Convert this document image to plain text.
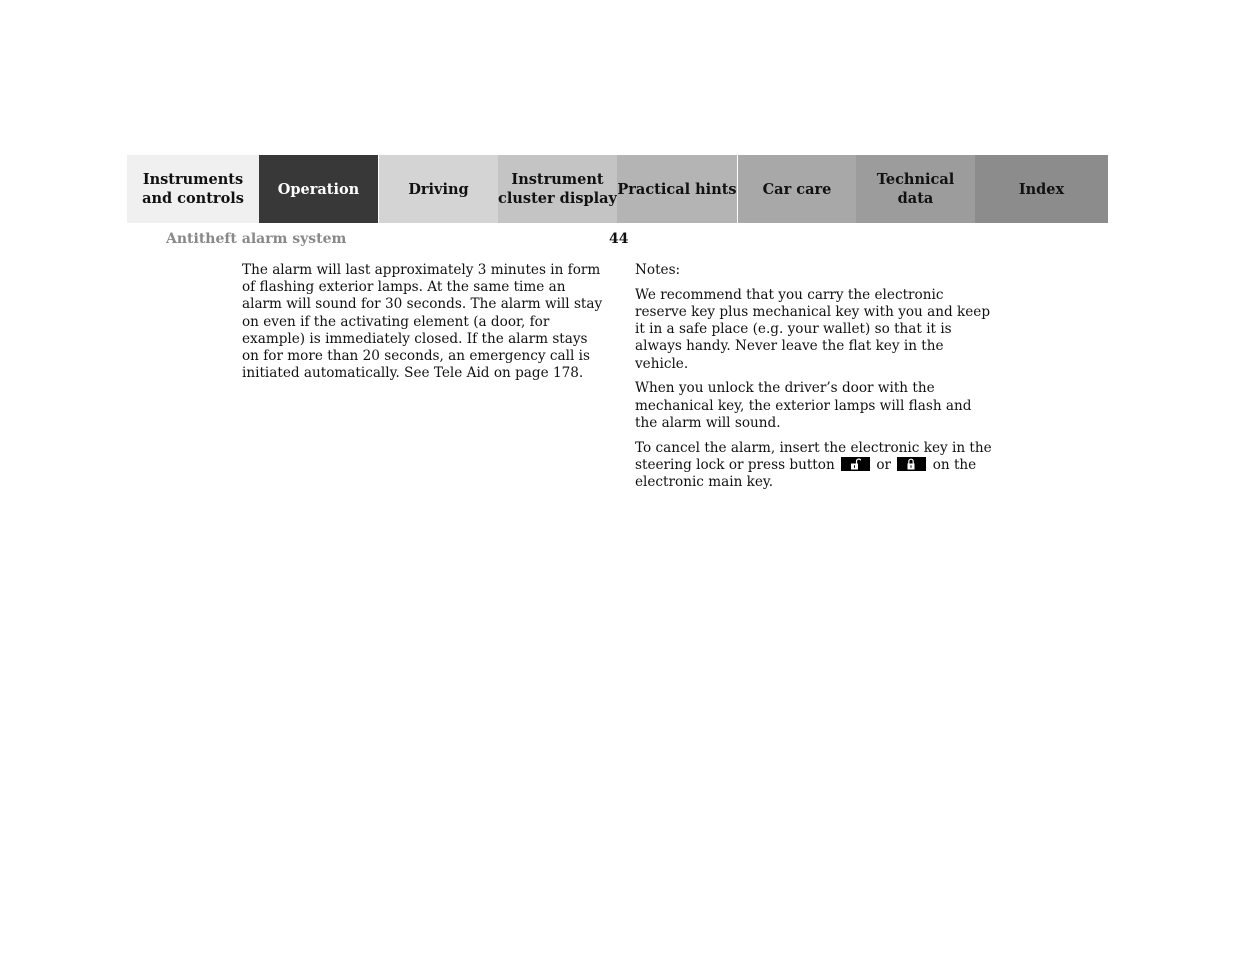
Instruments
and controls
Operation	Driving
Instrument
cluster display
Practical hints Car care
Technical
data
Index
Antitheft alarm system	44

The alarm will last approximately 3 minutes in form of flashing exterior lamps. At the same time an alarm will sound for 30 seconds. The alarm will stay on even if the activating element (a door, for example) is immediately closed. If the alarm stays on for more than 20 seconds, an emergency call is initiated automatically. See Tele Aid on page 178.

Notes:

We recommend that you carry the electronic reserve key plus mechanical key with you and keep it in a safe place (e.g. your wallet) so that it is always handy. Never leave the flat key in the vehicle.

When you unlock the driver’s door with the mechanical key, the exterior lamps will flash and the alarm will sound.

To cancel the alarm, insert the electronic key in the steering lock or press button	or	on the electronic main key.
